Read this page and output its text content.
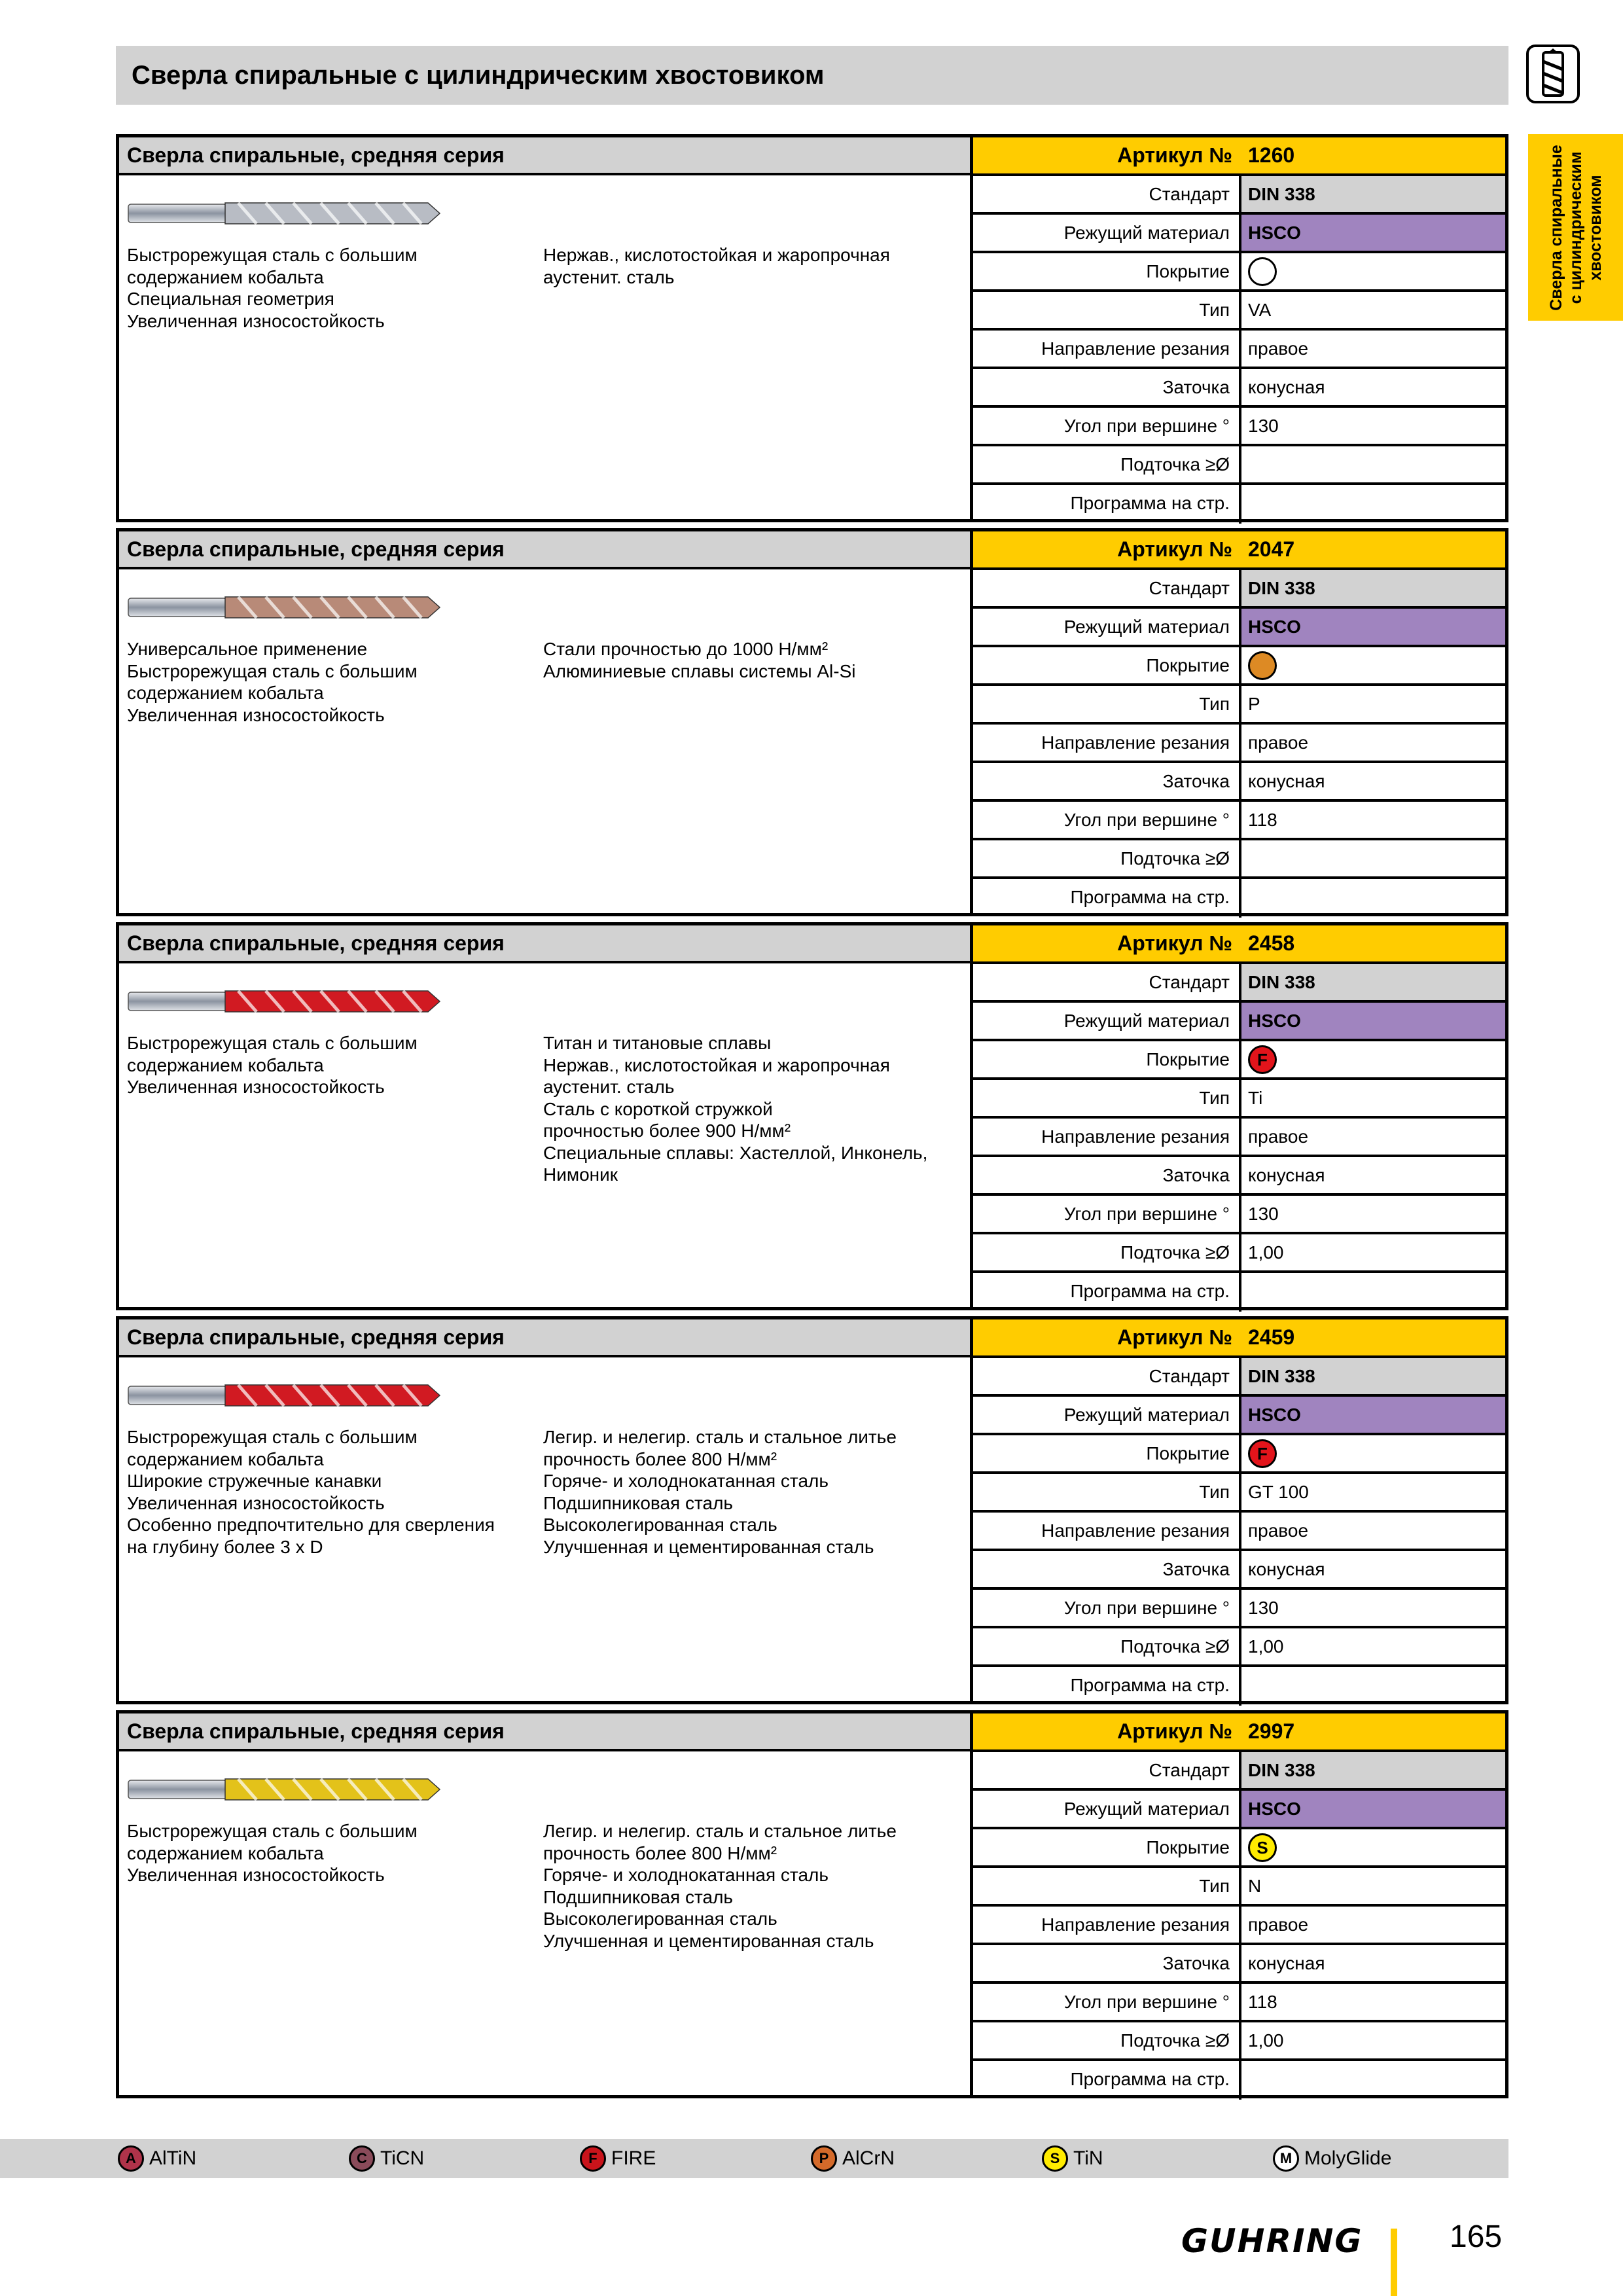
Сверла спиральные с цилиндрическим хвостовиком
Сверла спиральные с цилиндрическим хвостовиком
Сверла спиральные, средняя серия
Быстрорежущая сталь с большим
содержанием кобальта
Специальная геометрия
Увеличенная износостойкость
Нержав., кислотостойкая и жаропрочная
аустенит. сталь
Артикул № 1260
Стандарт	DIN 338
Режущий материал	HSCO
Покрытие
Тип	VA
Направление резания	правое
Заточка	конусная
Угол при вершине °	130
Подточка ≥Ø
Программа на стр.
Сверла спиральные, средняя серия
Универсальное применение
Быстрорежущая сталь с большим
содержанием кобальта
Увеличенная износостойкость
Стали прочностью до 1000 Н/мм²
Алюминиевые сплавы системы Al-Si
Артикул № 2047
Стандарт	DIN 338
Режущий материал	HSCO
Покрытие
Тип	P
Направление резания	правое
Заточка	конусная
Угол при вершине °	118
Подточка ≥Ø
Программа на стр.
Сверла спиральные, средняя серия
Быстрорежущая сталь с большим
содержанием кобальта
Увеличенная износостойкость
Титан и титановые сплавы
Нержав., кислотостойкая и жаропрочная
аустенит. сталь
Сталь с короткой стружкой
прочностью более 900 Н/мм²
Специальные сплавы: Хастеллой, Инконель,
Нимоник
Артикул № 2458
Стандарт	DIN 338
Режущий материал	HSCO
Покрытие	F
Тип	Ti
Направление резания	правое
Заточка	конусная
Угол при вершине °	130
Подточка ≥Ø	1,00
Программа на стр.
Сверла спиральные, средняя серия
Быстрорежущая сталь с большим
содержанием кобальта
Широкие стружечные канавки
Увеличенная износостойкость
Особенно предпочтительно для сверления
на глубину более 3 x D
Легир. и нелегир. сталь и стальное литье
прочность более 800 Н/мм²
Горяче- и холоднокатанная сталь
Подшипниковая сталь
Высоколегированная сталь
Улучшенная и цементированная сталь
Артикул № 2459
Стандарт	DIN 338
Режущий материал	HSCO
Покрытие	F
Тип	GT 100
Направление резания	правое
Заточка	конусная
Угол при вершине °	130
Подточка ≥Ø	1,00
Программа на стр.
Сверла спиральные, средняя серия
Быстрорежущая сталь с большим
содержанием кобальта
Увеличенная износостойкость
Легир. и нелегир. сталь и стальное литье
прочность более 800 Н/мм²
Горяче- и холоднокатанная сталь
Подшипниковая сталь
Высоколегированная сталь
Улучшенная и цементированная сталь
Артикул № 2997
Стандарт	DIN 338
Режущий материал	HSCO
Покрытие	S
Тип	N
Направление резания	правое
Заточка	конусная
Угол при вершине °	118
Подточка ≥Ø	1,00
Программа на стр.
A AlTiN	C TiCN	F FIRE	P AlCrN	S TiN	M MolyGlide
GUHRING	165
